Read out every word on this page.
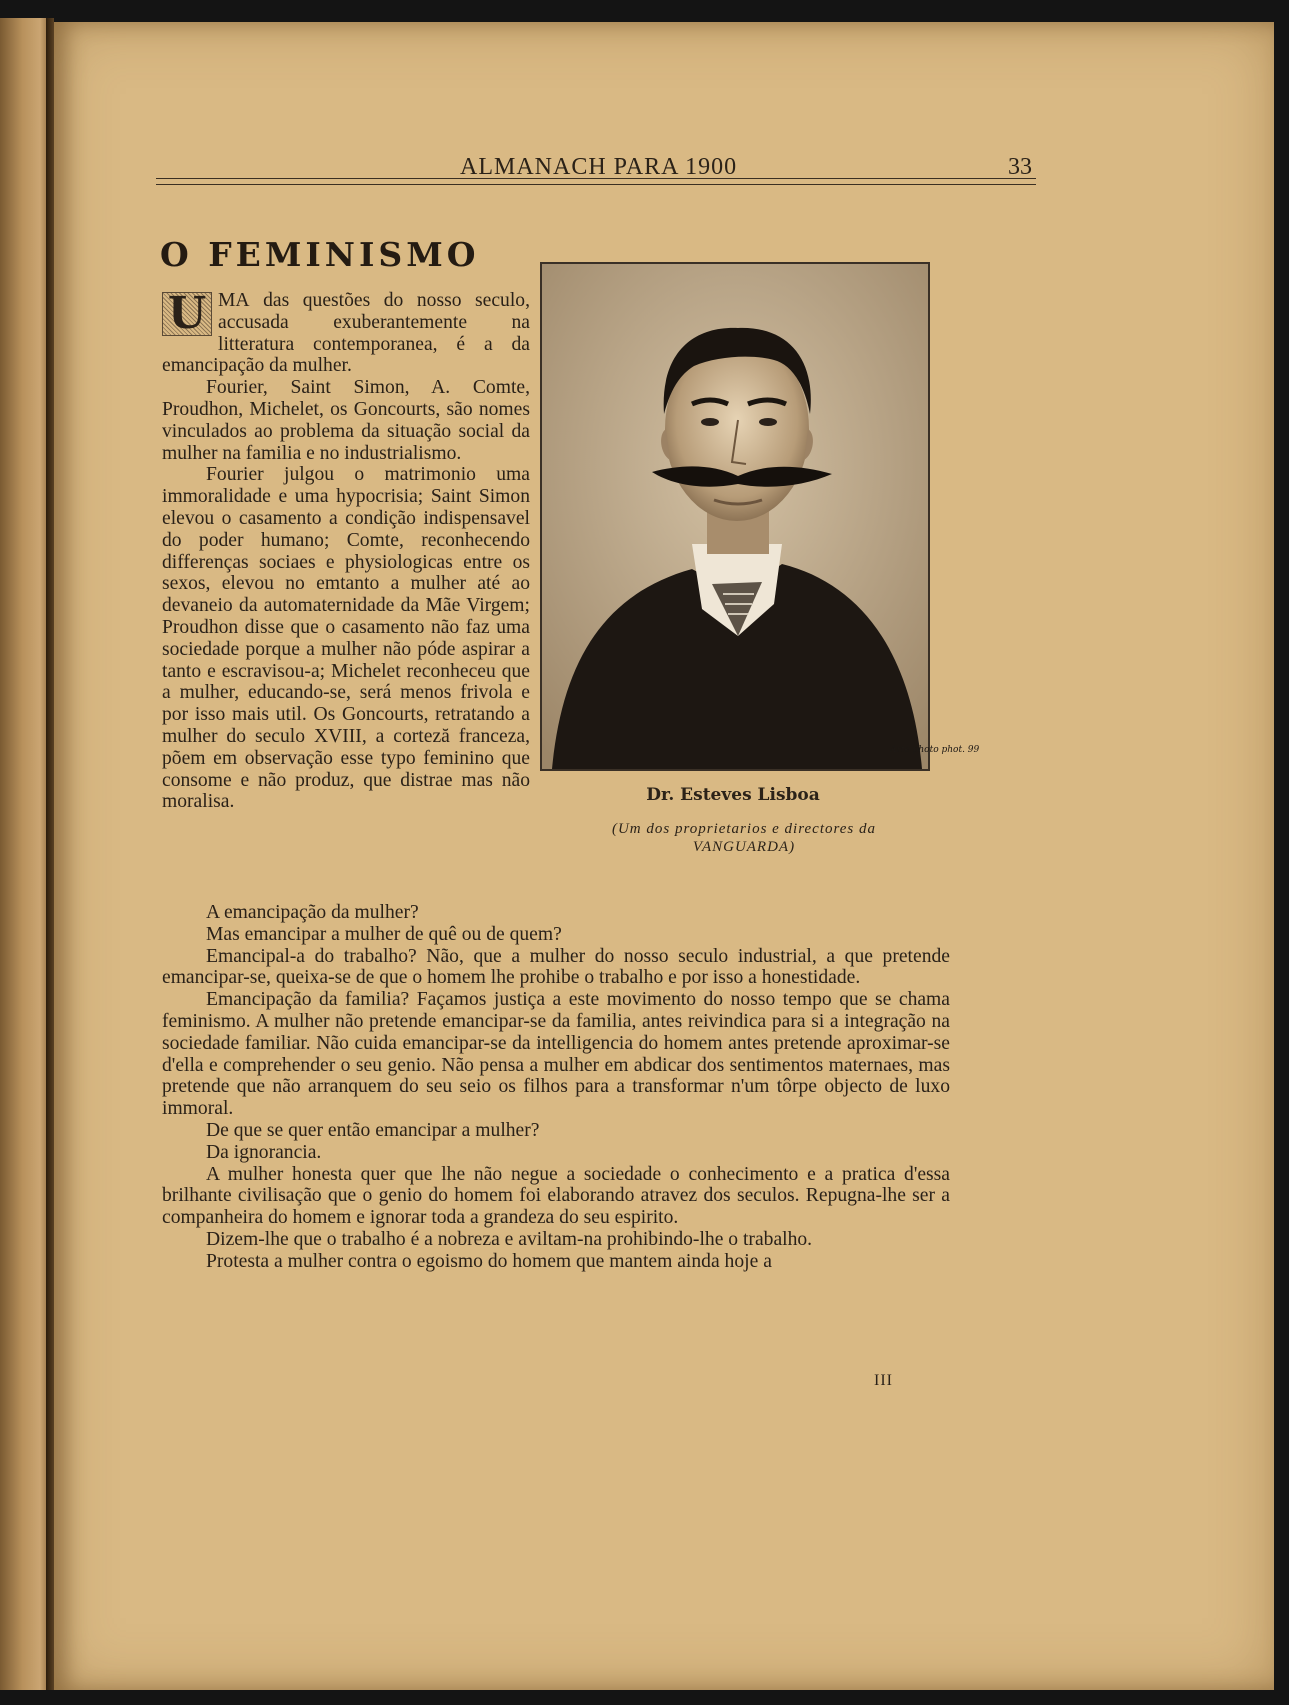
ALMANACH PARA 1900	33
O FEMINISMO
Arte photo phot. 99
Dr. Esteves Lisboa
(Um dos proprietarios e directores da VANGUARDA)

U MA das questões do nosso seculo, accusada exuberantemente na litteratura contemporanea, é a da emancipação da mulher.

Fourier, Saint Simon, A. Comte, Proudhon, Michelet, os Goncourts, são nomes vinculados ao problema da situação social da mulher na familia e no industrialismo.

Fourier julgou o matrimonio uma immoralidade e uma hypocrisia; Saint Simon elevou o casamento a condição indispensavel do poder humano; Comte, reconhecendo differenças sociaes e physiologicas entre os sexos, elevou no emtanto a mulher até ao devaneio da automaternidade da Mãe Virgem; Proudhon disse que o casamento não faz uma sociedade porque a mulher não póde aspirar a tanto e escravisou-a; Michelet reconheceu que a mulher, educando-se, será menos frivola e por isso mais util. Os Goncourts, retratando a mulher do seculo XVIII, a corteză franceza, põem em observação esse typo feminino que consome e não produz, que distrae mas não moralisa.

A emancipação da mulher?

Mas emancipar a mulher de quê ou de quem?

Emancipal-a do trabalho? Não, que a mulher do nosso seculo industrial, a que pretende emancipar-se, queixa-se de que o homem lhe prohibe o trabalho e por isso a honestidade.

Emancipação da familia? Façamos justiça a este movimento do nosso tempo que se chama feminismo. A mulher não pretende emancipar-se da familia, antes reivindica para si a integração na sociedade familiar. Não cuida emancipar-se da intelligencia do homem antes pretende aproximar-se d'ella e comprehender o seu genio. Não pensa a mulher em abdicar dos sentimentos maternaes, mas pretende que não arranquem do seu seio os filhos para a transformar n'um tôrpe objecto de luxo immoral.

De que se quer então emancipar a mulher?

Da ignorancia.

A mulher honesta quer que lhe não negue a sociedade o conhecimento e a pratica d'essa brilhante civilisação que o genio do homem foi elaborando atravez dos seculos. Repugna-lhe ser a companheira do homem e ignorar toda a grandeza do seu espirito.

Dizem-lhe que o trabalho é a nobreza e aviltam-na prohibindo-lhe o trabalho.

Protesta a mulher contra o egoismo do homem que mantem ainda hoje a

III
